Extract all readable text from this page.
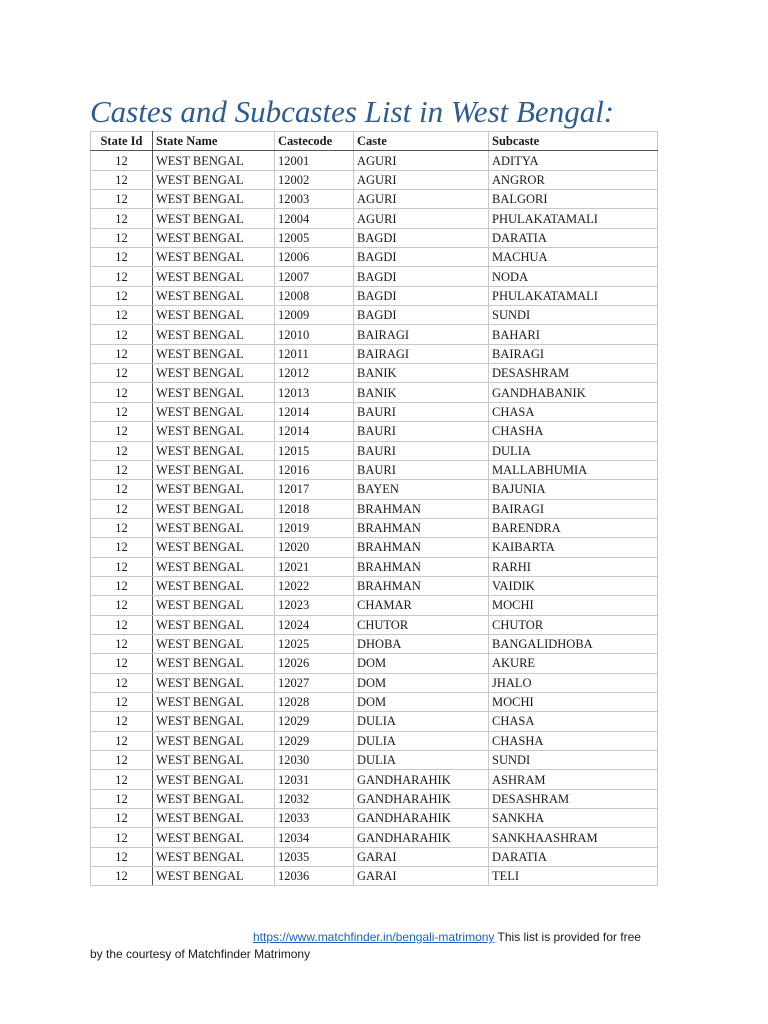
Castes and Subcastes List in West Bengal:
State Id	State Name	Castecode	Caste	Subcaste
12	WEST BENGAL	12001	AGURI	ADITYA
12	WEST BENGAL	12002	AGURI	ANGROR
12	WEST BENGAL	12003	AGURI	BALGORI
12	WEST BENGAL	12004	AGURI	PHULAKATAMALI
12	WEST BENGAL	12005	BAGDI	DARATIA
12	WEST BENGAL	12006	BAGDI	MACHUA
12	WEST BENGAL	12007	BAGDI	NODA
12	WEST BENGAL	12008	BAGDI	PHULAKATAMALI
12	WEST BENGAL	12009	BAGDI	SUNDI
12	WEST BENGAL	12010	BAIRAGI	BAHARI
12	WEST BENGAL	12011	BAIRAGI	BAIRAGI
12	WEST BENGAL	12012	BANIK	DESASHRAM
12	WEST BENGAL	12013	BANIK	GANDHABANIK
12	WEST BENGAL	12014	BAURI	CHASA
12	WEST BENGAL	12014	BAURI	CHASHA
12	WEST BENGAL	12015	BAURI	DULIA
12	WEST BENGAL	12016	BAURI	MALLABHUMIA
12	WEST BENGAL	12017	BAYEN	BAJUNIA
12	WEST BENGAL	12018	BRAHMAN	BAIRAGI
12	WEST BENGAL	12019	BRAHMAN	BARENDRA
12	WEST BENGAL	12020	BRAHMAN	KAIBARTA
12	WEST BENGAL	12021	BRAHMAN	RARHI
12	WEST BENGAL	12022	BRAHMAN	VAIDIK
12	WEST BENGAL	12023	CHAMAR	MOCHI
12	WEST BENGAL	12024	CHUTOR	CHUTOR
12	WEST BENGAL	12025	DHOBA	BANGALIDHOBA
12	WEST BENGAL	12026	DOM	AKURE
12	WEST BENGAL	12027	DOM	JHALO
12	WEST BENGAL	12028	DOM	MOCHI
12	WEST BENGAL	12029	DULIA	CHASA
12	WEST BENGAL	12029	DULIA	CHASHA
12	WEST BENGAL	12030	DULIA	SUNDI
12	WEST BENGAL	12031	GANDHARAHIK	ASHRAM
12	WEST BENGAL	12032	GANDHARAHIK	DESASHRAM
12	WEST BENGAL	12033	GANDHARAHIK	SANKHA
12	WEST BENGAL	12034	GANDHARAHIK	SANKHAASHRAM
12	WEST BENGAL	12035	GARAI	DARATIA
12	WEST BENGAL	12036	GARAI	TELI
https://www.matchfinder.in/bengali-matrimony This list is provided for free
by the courtesy of Matchfinder Matrimony
